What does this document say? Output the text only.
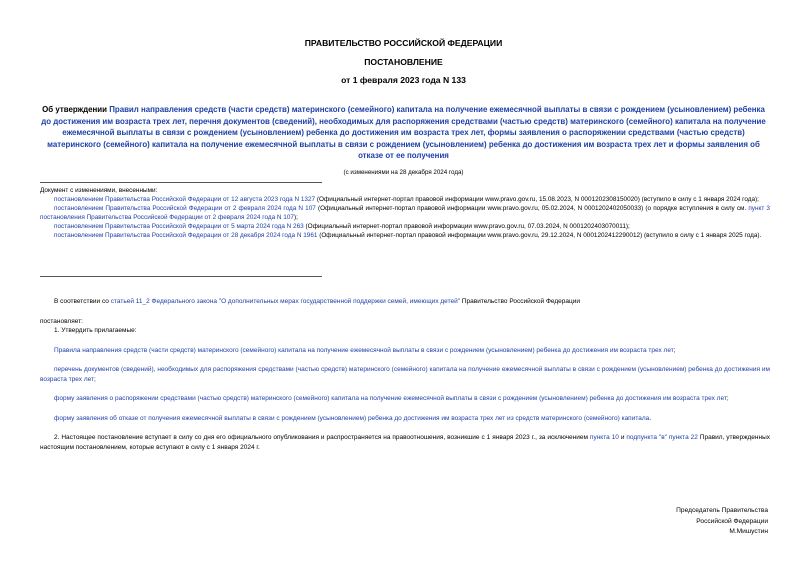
ПРАВИТЕЛЬСТВО РОССИЙСКОЙ ФЕДЕРАЦИИ
ПОСТАНОВЛЕНИЕ
от 1 февраля 2023 года N 133
Об утверждении Правил направления средств (части средств) материнского (семейного) капитала на получение ежемесячной выплаты в связи с рождением (усыновлением) ребенка до достижения им возраста трех лет, перечня документов (сведений), необходимых для распоряжения средствами (частью средств) материнского (семейного) капитала на получение ежемесячной выплаты в связи с рождением (усыновлением) ребенка до достижения им возраста трех лет, формы заявления о распоряжении средствами (частью средств) материнского (семейного) капитала на получение ежемесячной выплаты в связи с рождением (усыновлением) ребенка до достижения им возраста трех лет и формы заявления об отказе от ее получения
(с изменениями на 28 декабря 2024 года)

Документ с изменениями, внесенными:

постановлением Правительства Российской Федерации от 12 августа 2023 года N 1327 (Официальный интернет-портал правовой информации www.pravo.gov.ru, 15.08.2023, N 0001202308150020) (вступило в силу с 1 января 2024 года);

постановлением Правительства Российской Федерации от 2 февраля 2024 года N 107 (Официальный интернет-портал правовой информации www.pravo.gov.ru, 05.02.2024, N 0001202402050033) (о порядке вступления в силу см. пункт 3 постановления Правительства Российской Федерации от 2 февраля 2024 года N 107);

постановлением Правительства Российской Федерации от 5 марта 2024 года N 263 (Официальный интернет-портал правовой информации www.pravo.gov.ru, 07.03.2024, N 0001202403070011);

постановлением Правительства Российской Федерации от 28 декабря 2024 года N 1961 (Официальный интернет-портал правовой информации www.pravo.gov.ru, 29.12.2024, N 0001202412290012) (вступило в силу с 1 января 2025 года).

В соответствии со статьей 11_2 Федерального закона "О дополнительных мерах государственной поддержки семей, имеющих детей" Правительство Российской Федерации

постановляет:

1. Утвердить прилагаемые:

Правила направления средств (части средств) материнского (семейного) капитала на получение ежемесячной выплаты в связи с рождением (усыновлением) ребенка до достижения им возраста трех лет;

перечень документов (сведений), необходимых для распоряжения средствами (частью средств) материнского (семейного) капитала на получение ежемесячной выплаты в связи с рождением (усыновлением) ребенка до достижения им возраста трех лет;

форму заявления о распоряжении средствами (частью средств) материнского (семейного) капитала на получение ежемесячной выплаты в связи с рождением (усыновлением) ребенка до достижения им возраста трех лет;

форму заявления об отказе от получения ежемесячной выплаты в связи с рождением (усыновлением) ребенка до достижения им возраста трех лет из средств материнского (семейного) капитала.

2. Настоящее постановление вступает в силу со дня его официального опубликования и распространяется на правоотношения, возникшие с 1 января 2023 г., за исключением пункта 10 и подпункта "в" пункта 22 Правил, утвержденных настоящим постановлением, которые вступают в силу с 1 января 2024 г.

Председатель Правительства
Российской Федерации
М.Мишустин
